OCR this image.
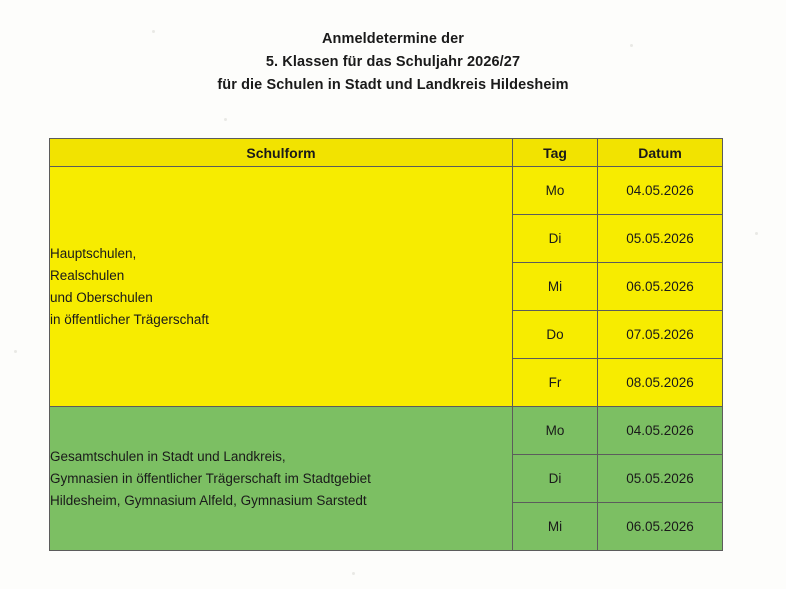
Anmeldetermine der
5. Klassen für das Schuljahr 2026/27
für die Schulen in Stadt und Landkreis Hildesheim
Schulform	Tag	Datum

Hauptschulen,
Realschulen
und Oberschulen
in öffentlicher Trägerschaft	Mo	04.05.2026
	Di	05.05.2026
	Mi	06.05.2026
	Do	07.05.2026
	Fr	08.05.2026

Gesamtschulen in Stadt und Landkreis,
Gymnasien in öffentlicher Trägerschaft im Stadtgebiet
Hildesheim, Gymnasium Alfeld, Gymnasium Sarstedt	Mo	04.05.2026
	Di	05.05.2026
	Mi	06.05.2026
